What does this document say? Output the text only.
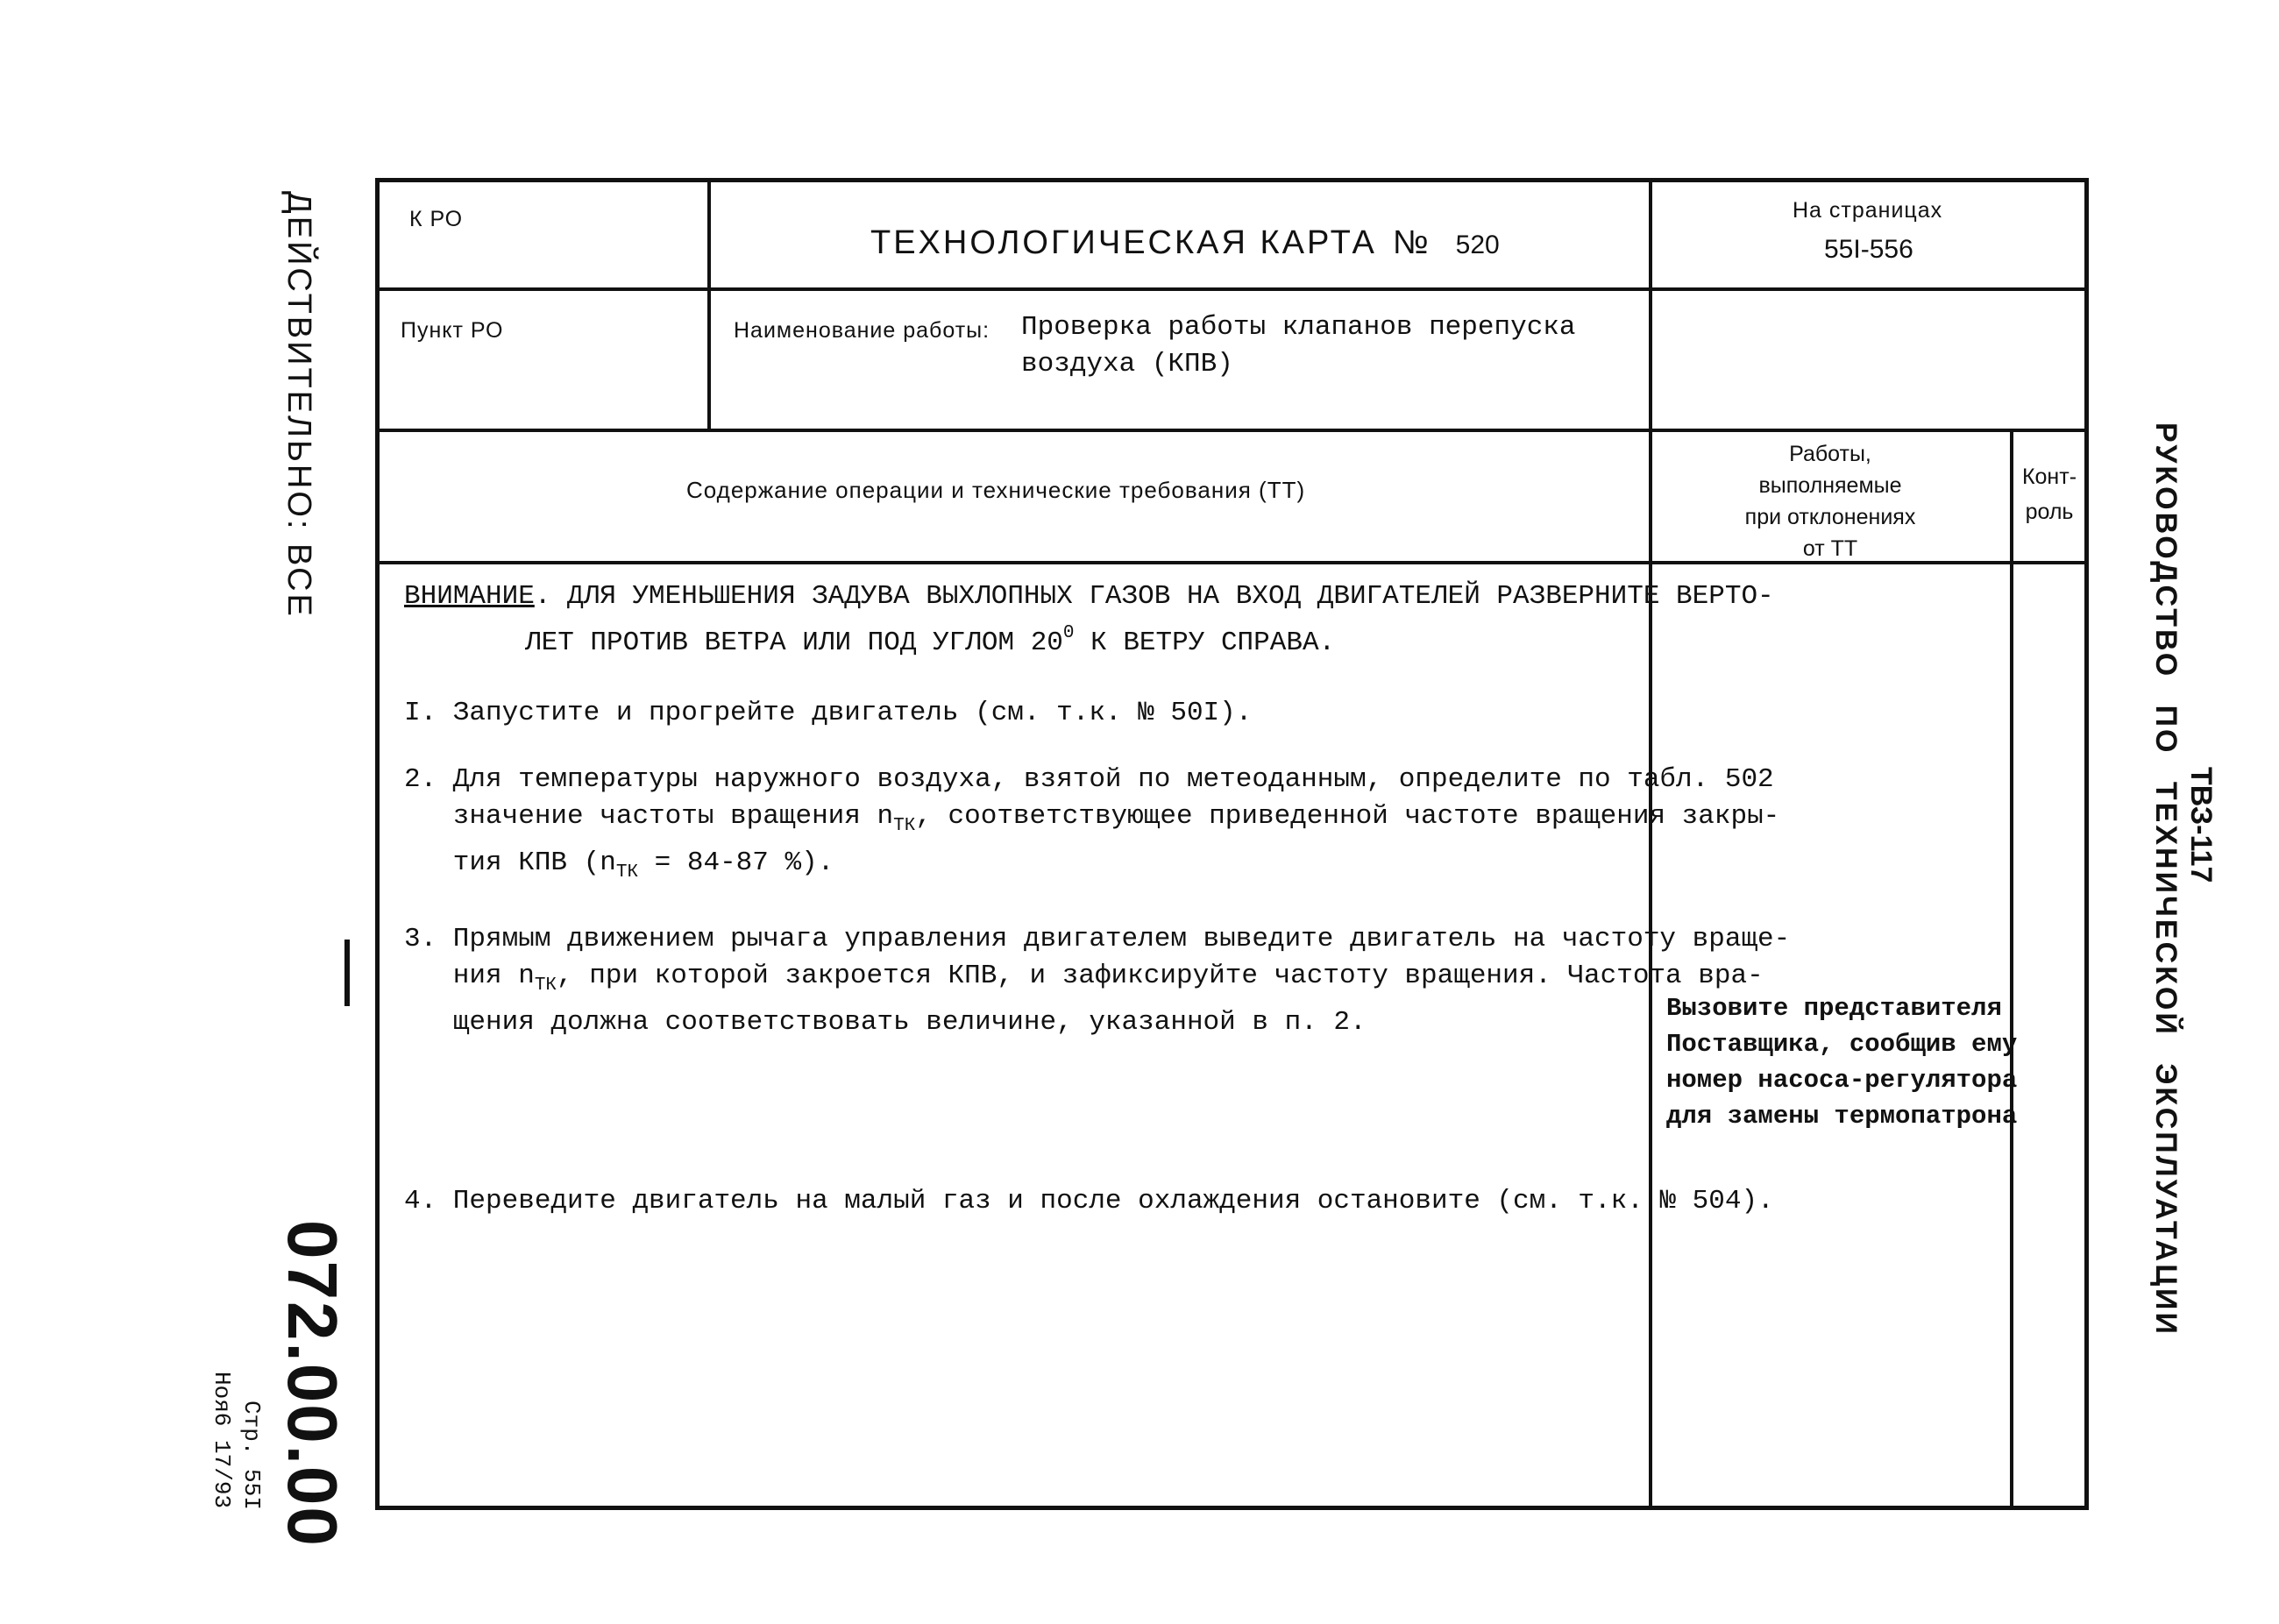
ДЕЙСТВИТЕЛЬНО: ВСЕ
072.00.00
Стр. 55I
Ноя6 17/93
РУКОВОДСТВО ПО ТЕХНИЧЕСКОЙ ЭКСПЛУАТАЦИИ ТВЗ-117
К РО
ТЕХНОЛОГИЧЕСКАЯ КАРТА № 520
На страницах
55I-556
Пункт РО	Наименование работы: Проверка работы клапанов перепуска
воздуха (КПВ)
Содержание операции и технические требования (ТТ)
Работы,
выполняемые
при отклонениях
от ТТ
Конт-
роль
ВНИМАНИЕ. ДЛЯ УМЕНЬШЕНИЯ ЗАДУВА ВЫХЛОПНЫХ ГАЗОВ НА ВХОД ДВИГАТЕЛЕЙ РАЗВЕРНИТЕ ВЕРТО-
ЛЕТ ПРОТИВ ВЕТРА ИЛИ ПОД УГЛОМ $20^0$ К ВЕТРУ СПРАВА.
I. Запустите и прогрейте двигатель (см. т.к. № 50I).
2. Для температуры наружного воздуха, взятой по метеоданным, определите по табл. 502
значение частоты вращения $n_{ТК}$, соответствующее приведенной частоте вращения закры-
тия КПВ ($n_{ТК} = 84-87$ %).
3. Прямым движением рычага управления двигателем выведите двигатель на частоту враще-
ния $n_{ТК}$, при которой закроется КПВ, и зафиксируйте частоту вращения. Частота вра-
щения должна соответствовать величине, указанной в п. 2.
4. Переведите двигатель на малый газ и после охлаждения остановите (см. т.к. № 504).
Вызовите представителя
Поставщика, сообщив ему
номер насоса-регулятора
для замены термопатрона
